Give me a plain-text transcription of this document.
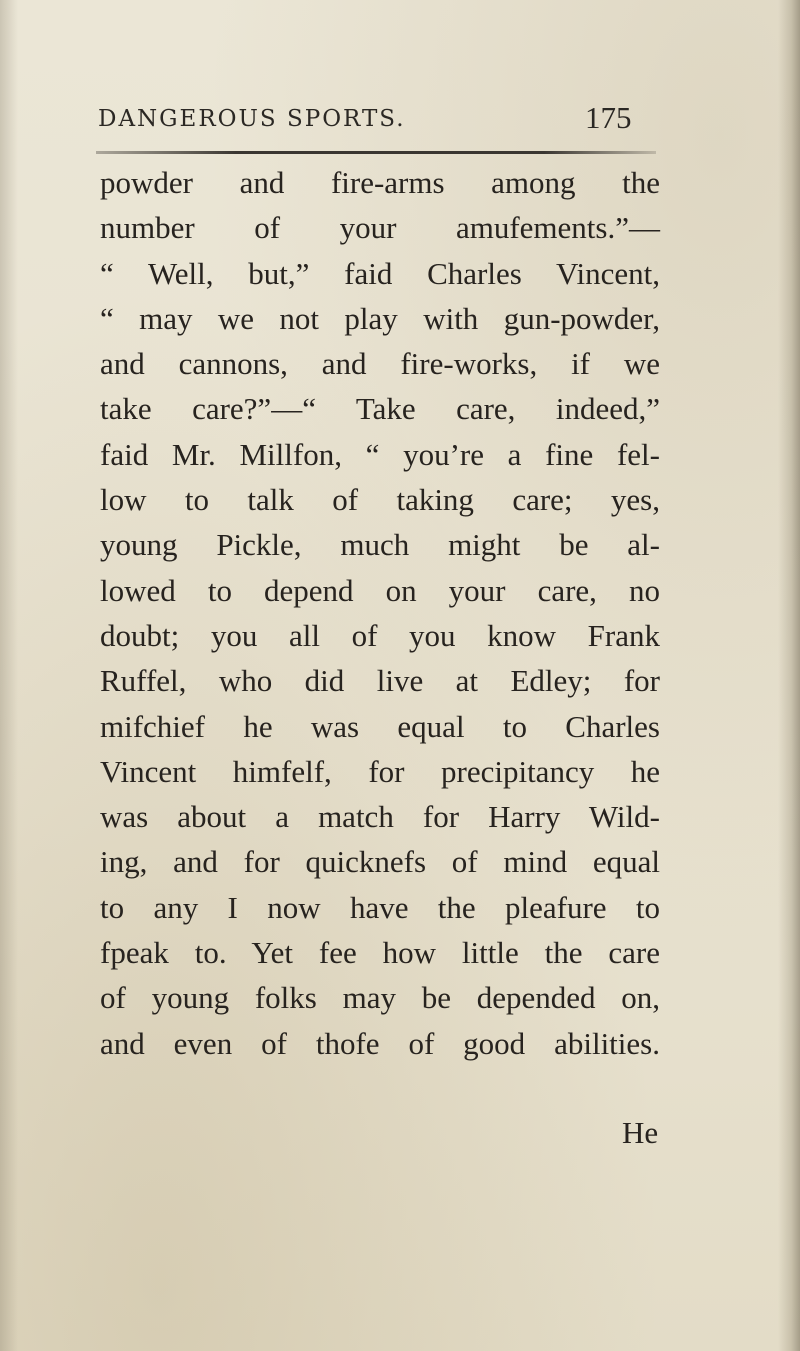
DANGEROUS SPORTS.	175
powder and fire-arms among the
number of your amufements.”—
“ Well, but,” faid Charles Vincent,
“ may we not play with gun-powder,
and cannons, and fire-works, if we
take care?”—“ Take care, indeed,”
faid Mr. Millfon, “ you’re a fine fel-
low to talk of taking care; yes,
young Pickle, much might be al-
lowed to depend on your care, no
doubt; you all of you know Frank
Ruffel, who did live at Edley; for
mifchief he was equal to Charles
Vincent himfelf, for precipitancy he
was about a match for Harry Wild-
ing, and for quicknefs of mind equal
to any I now have the pleafure to
fpeak to. Yet fee how little the care
of young folks may be depended on,
and even of thofe of good abilities.
He
